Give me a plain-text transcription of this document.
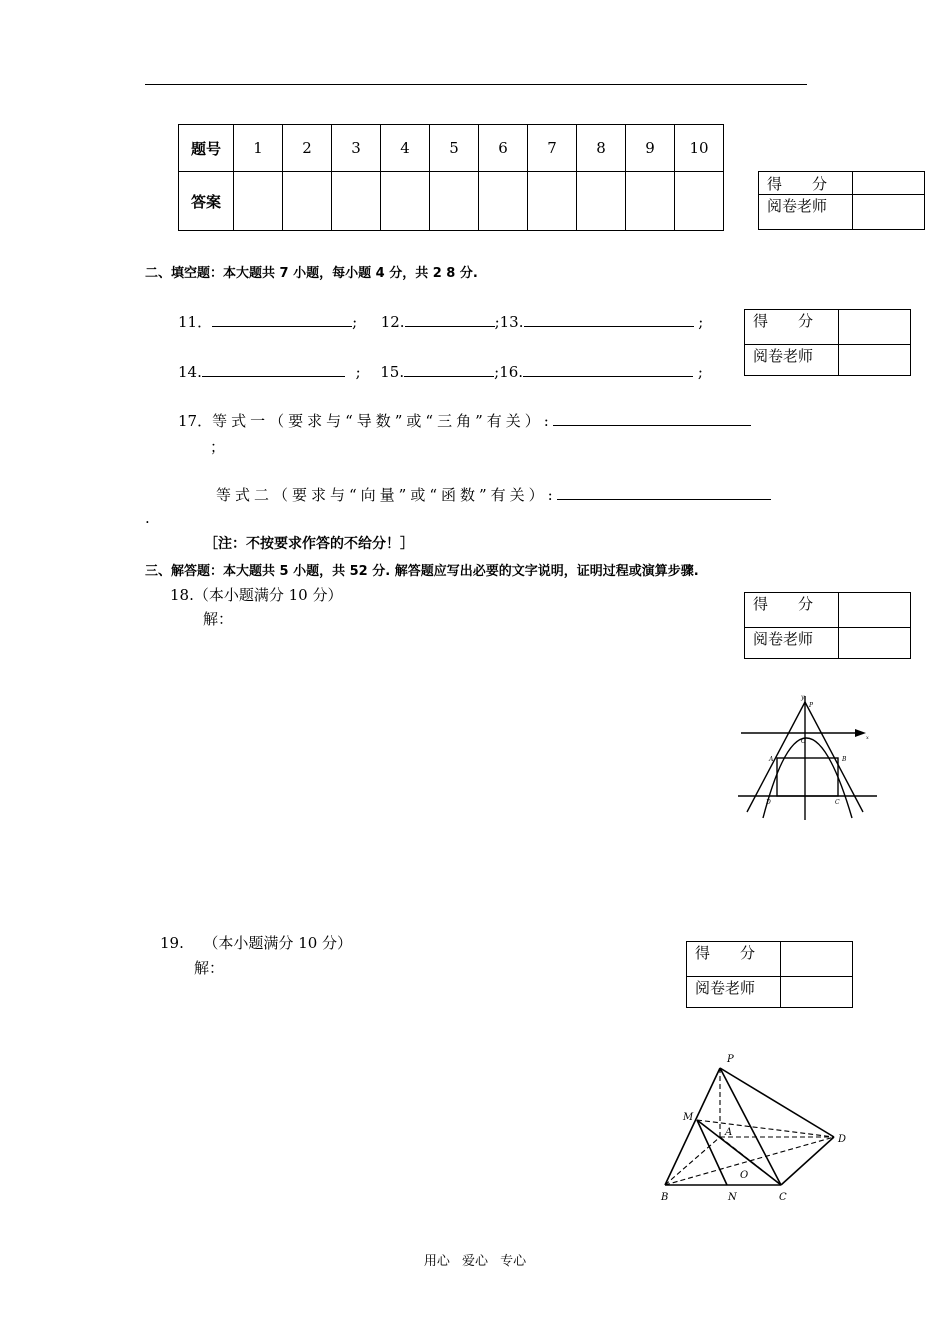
题号	1	2	3	4	5	6	7	8	9	10
答案										
得　　分	
阅卷老师	
二、填空题：本大题共 7 小题，每小题 4 分，共 2 8 分.
11．	; 12.	;13.	;
14.	; 15.	;16.	;
得　　分	
阅卷老师	
17．等式一（要求与“导数”或“三角”有关）:
；
等式二（要求与“向量”或“函数”有关）:
.
［注：不按要求作答的不给分！］
三、解答题：本大题共 5 小题，共 52 分. 解答题应写出必要的文字说明，证明过程或演算步骤.
18.（本小题满分 10 分）
解：
得　　分	
阅卷老师	
y
P
O	x
A	B
D	C
19. （本小题满分 10 分）
解：
得　　分	
阅卷老师	
P
M
A
D
O
B	N	C
用心 爱心 专心
